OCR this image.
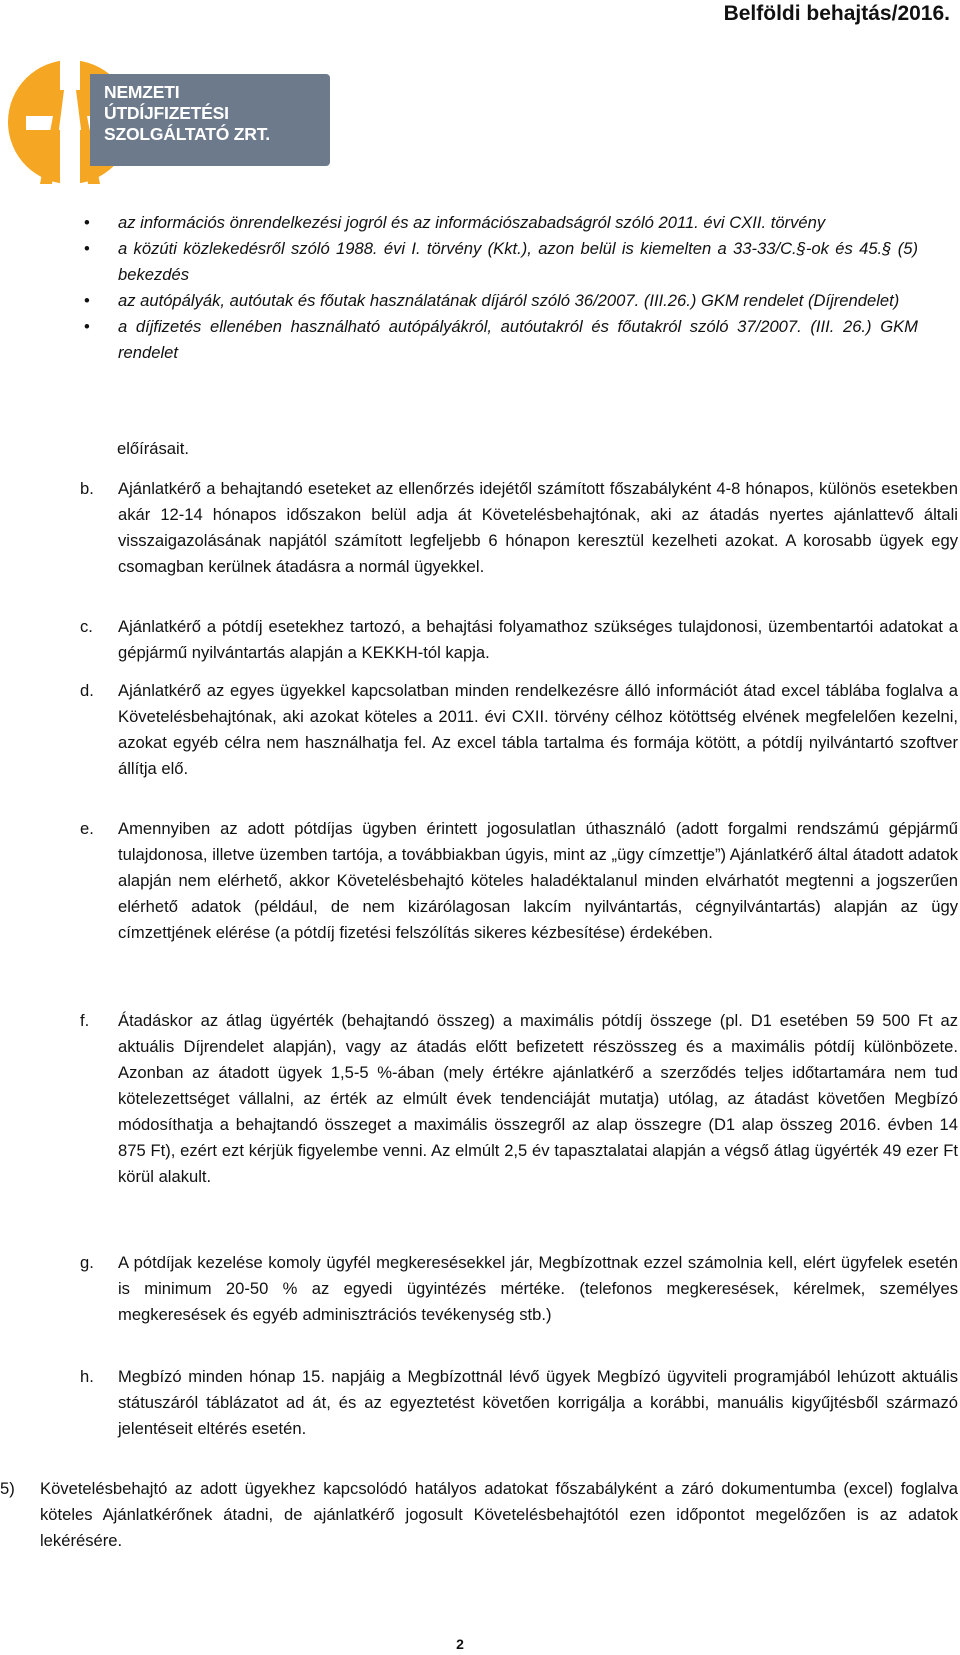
Belföldi behajtás/2016.
NEMZETI
ÚTDÍJFIZETÉSI
SZOLGÁLTATÓ ZRT.
• az információs önrendelkezési jogról és az információszabadságról szóló 2011. évi CXII. törvény
• a közúti közlekedésről szóló 1988. évi I. törvény (Kkt.), azon belül is kiemelten a 33-33/C.§-ok és 45.§ (5) bekezdés
• az autópályák, autóutak és főutak használatának díjáról szóló 36/2007. (III.26.) GKM rendelet (Díjrendelet)
• a díjfizetés ellenében használható autópályákról, autóutakról és főutakról szóló 37/2007. (III. 26.) GKM rendelet
előírásait.
b. Ajánlatkérő a behajtandó eseteket az ellenőrzés idejétől számított főszabályként 4-8 hónapos, különös esetekben akár 12-14 hónapos időszakon belül adja át Követelésbehajtónak, aki az átadás nyertes ajánlattevő általi visszaigazolásának napjától számított legfeljebb 6 hónapon keresztül kezelheti azokat. A korosabb ügyek egy csomagban kerülnek átadásra a normál ügyekkel.
c. Ajánlatkérő a pótdíj esetekhez tartozó, a behajtási folyamathoz szükséges tulajdonosi, üzembentartói adatokat a gépjármű nyilvántartás alapján a KEKKH-tól kapja.
d. Ajánlatkérő az egyes ügyekkel kapcsolatban minden rendelkezésre álló információt átad excel táblába foglalva a Követelésbehajtónak, aki azokat köteles a 2011. évi CXII. törvény célhoz kötöttség elvének megfelelően kezelni, azokat egyéb célra nem használhatja fel. Az excel tábla tartalma és formája kötött, a pótdíj nyilvántartó szoftver állítja elő.
e. Amennyiben az adott pótdíjas ügyben érintett jogosulatlan úthasználó (adott forgalmi rendszámú gépjármű tulajdonosa, illetve üzemben tartója, a továbbiakban úgyis, mint az „ügy címzettje”) Ajánlatkérő által átadott adatok alapján nem elérhető, akkor Követelésbehajtó köteles haladéktalanul minden elvárhatót megtenni a jogszerűen elérhető adatok (például, de nem kizárólagosan lakcím nyilvántartás, cégnyilvántartás) alapján az ügy címzettjének elérése (a pótdíj fizetési felszólítás sikeres kézbesítése) érdekében.
f. Átadáskor az átlag ügyérték (behajtandó összeg) a maximális pótdíj összege (pl. D1 esetében 59 500 Ft az aktuális Díjrendelet alapján), vagy az átadás előtt befizetett részösszeg és a maximális pótdíj különbözete. Azonban az átadott ügyek 1,5-5 %-ában (mely értékre ajánlatkérő a szerződés teljes időtartamára nem tud kötelezettséget vállalni, az érték az elmúlt évek tendenciáját mutatja) utólag, az átadást követően Megbízó módosíthatja a behajtandó összeget a maximális összegről az alap összegre (D1 alap összeg 2016. évben 14 875 Ft), ezért ezt kérjük figyelembe venni. Az elmúlt 2,5 év tapasztalatai alapján a végső átlag ügyérték 49 ezer Ft körül alakult.
g. A pótdíjak kezelése komoly ügyfél megkeresésekkel jár, Megbízottnak ezzel számolnia kell, elért ügyfelek esetén is minimum 20-50 % az egyedi ügyintézés mértéke. (telefonos megkeresések, kérelmek, személyes megkeresések és egyéb adminisztrációs tevékenység stb.)
h. Megbízó minden hónap 15. napjáig a Megbízottnál lévő ügyek Megbízó ügyviteli programjából lehúzott aktuális státuszáról táblázatot ad át, és az egyeztetést követően korrigálja a korábbi, manuális kigyűjtésből származó jelentéseit eltérés esetén.
5) Követelésbehajtó az adott ügyekhez kapcsolódó hatályos adatokat főszabályként a záró dokumentumba (excel) foglalva köteles Ajánlatkérőnek átadni, de ajánlatkérő jogosult Követelésbehajtótól ezen időpontot megelőzően is az adatok lekérésére.
2
